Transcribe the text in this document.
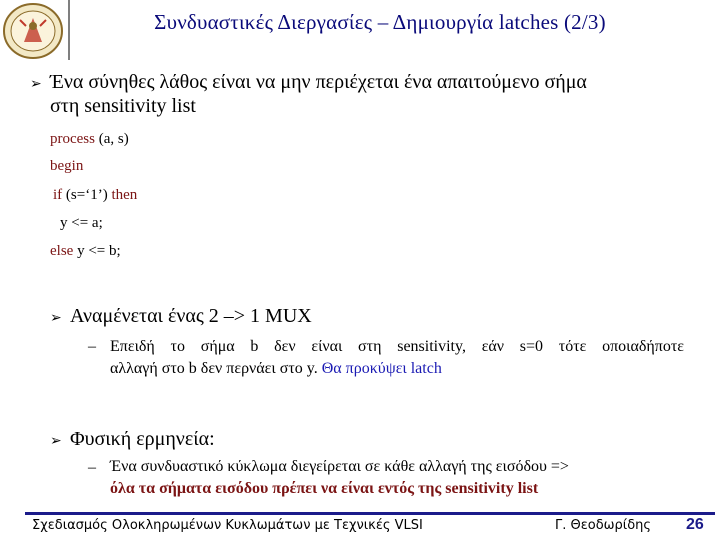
Συνδυαστικές Διεργασίες – Δημιουργία latches (2/3)
➢ Ένα σύνηθες λάθος είναι να μην περιέχεται ένα απαιτούμενο σήμα
στη sensitivity list
process (a, s)
begin
if (s=‘1’) then
y <= a;
else y <= b;
➢ Αναμένεται ένας 2 –> 1 MUX
– Επειδή το σήμα b δεν είναι στη sensitivity, εάν s=0 τότε οποιαδήποτε
αλλαγή στο b δεν περνάει στο y. Θα προκύψει latch
➢ Φυσική ερμηνεία:
– Ένα συνδυαστικό κύκλωμα διεγείρεται σε κάθε αλλαγή της εισόδου =>
όλα τα σήματα εισόδου πρέπει να είναι εντός της sensitivity list
Σχεδιασμός Ολοκληρωμένων Κυκλωμάτων με Τεχνικές VLSI	Γ. Θεοδωρίδης 26
